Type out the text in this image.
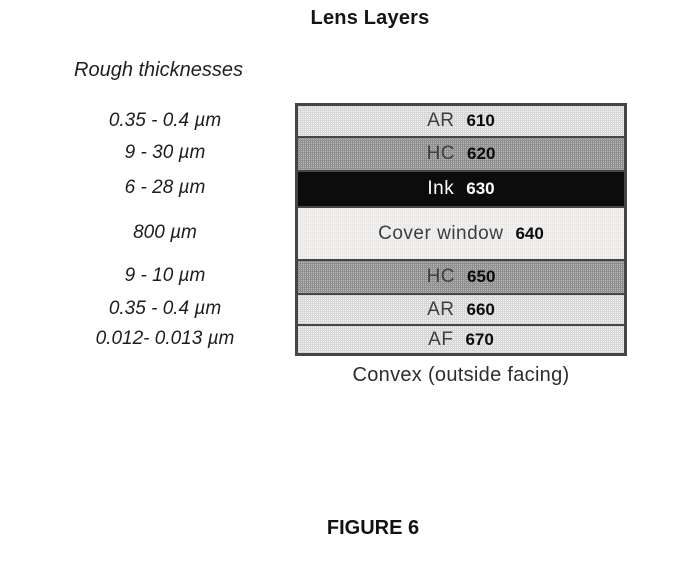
Lens Layers
Rough thicknesses
0.35 - 0.4 µm
9 - 30 µm
6 - 28 µm
800 µm
9 - 10 µm
0.35 - 0.4 µm
0.012- 0.013 µm
AR 610
HC 620
Ink 630
Cover window 640
HC 650
AR 660
AF 670
Convex (outside facing)
FIGURE 6
